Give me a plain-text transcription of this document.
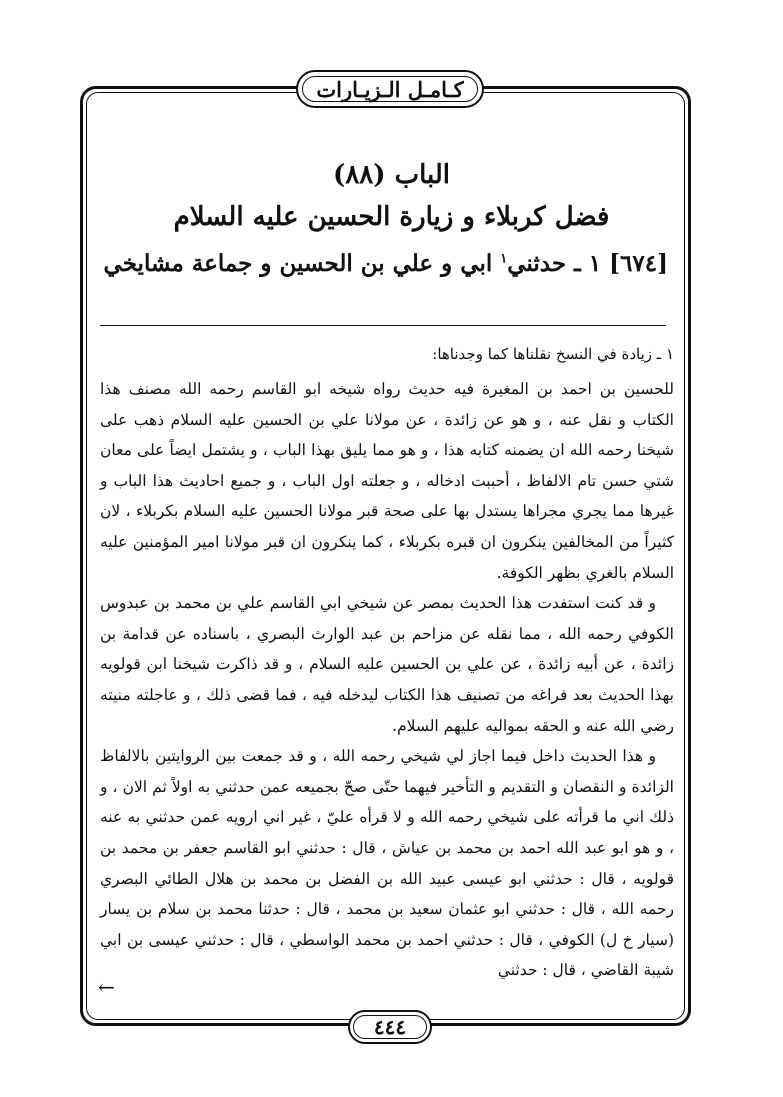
كـامـل الـزيـارات
الباب (٨٨)
فضل كربلاء و زيارة الحسين عليه السلام
[٦٧٤] ١ ـ حدثني$^١$ ابي و علي بن الحسين و جماعة مشايخي
١ ـ زيادة في النسخ نقلناها كما وجدناها:

للحسين بن احمد بن المغيرة فيه حديث رواه شيخه ابو القاسم رحمه الله مصنف هذا الكتاب و نقل عنه ، و هو عن زائدة ، عن مولانا علي بن الحسين عليه السلام ذهب على شيخنا رحمه الله ان يضمنه كتابه هذا ، و هو مما يليق بهذا الباب ، و يشتمل ايضاً على معان شتي حسن تام الالفاظ ، أحببت ادخاله ، و جعلته اول الباب ، و جميع احاديث هذا الباب و غيرها مما يجري مجراها يستدل بها على صحة قبر مولانا الحسين عليه السلام بكربلاء ، لان كثيراً من المخالفين ينكرون ان قبره بكربلاء ، كما ينكرون ان قبر مولانا امير المؤمنين عليه السلام بالغري بظهر الكوفة.

و قد كنت استفدت هذا الحديث بمصر عن شيخي ابي القاسم علي بن محمد بن عبدوس الكوفي رحمه الله ، مما نقله عن مزاحم بن عبد الوارث البصري ، باسناده عن قدامة بن زائدة ، عن أبيه زائدة ، عن علي بن الحسين عليه السلام ، و قد ذاكرت شيخنا ابن قولويه بهذا الحديث بعد فراغه من تصنيف هذا الكتاب ليدخله فيه ، فما قضى ذلك ، و عاجلته منيته رضي الله عنه و الحقه بمواليه عليهم السلام.

و هذا الحديث داخل فيما اجاز لي شيخي رحمه الله ، و قد جمعت بين الروايتين بالالفاظ الزائدة و النقصان و التقديم و التأخير فيهما حتّى صحّ بجميعه عمن حدثني به اولاً ثم الان ، و ذلك اني ما قرأته على شيخي رحمه الله و لا قرأه عليّ ، غير اني ارويه عمن حدثني به عنه ، و هو ابو عبد الله احمد بن محمد بن عياش ، قال : حدثني ابو القاسم جعفر بن محمد بن قولويه ، قال : حدثني ابو عيسى عبيد الله بن الفضل بن محمد بن هلال الطائي البصري رحمه الله ، قال : حدثني ابو عثمان سعيد بن محمد ، قال : حدثنا محمد بن سلام بن يسار (سيار خ ل) الكوفي ، قال : حدثني احمد بن محمد الواسطي ، قال : حدثني عيسى بن ابي شيبة القاضي ، قال : حدثني

←
٤٤٤
